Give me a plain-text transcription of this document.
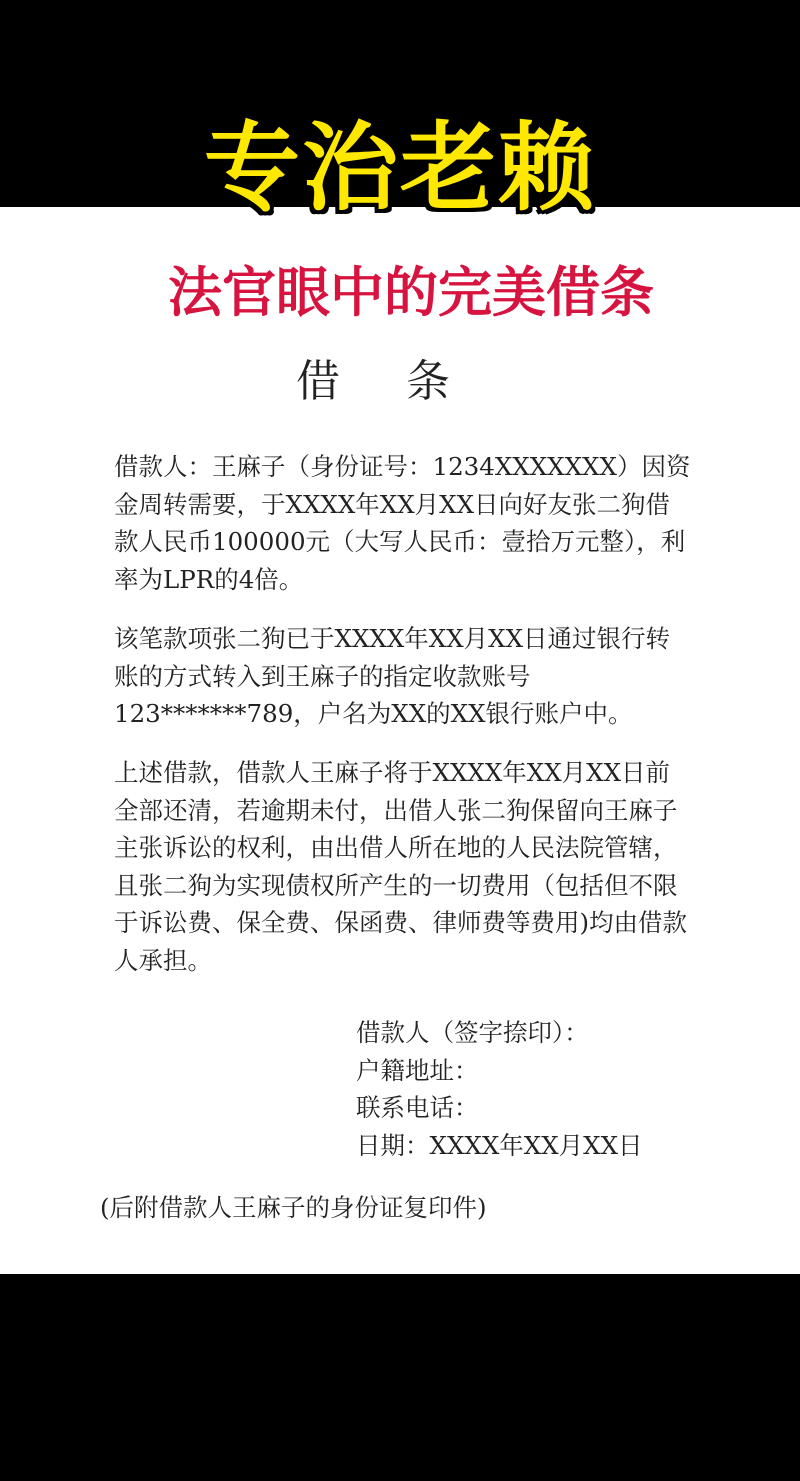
专治老赖
法官眼中的完美借条
借 条

借款人：王麻子（身份证号：1234XXXXXXX）因资金周转需要，于XXXX年XX月XX日向好友张二狗借款人民币100000元（大写人民币：壹拾万元整），利率为LPR的4倍。

该笔款项张二狗已于XXXX年XX月XX日通过银行转账的方式转入到王麻子的指定收款账号123*******789，户名为XX的XX银行账户中。

上述借款，借款人王麻子将于XXXX年XX月XX日前全部还清，若逾期未付，出借人张二狗保留向王麻子主张诉讼的权利，由出借人所在地的人民法院管辖，且张二狗为实现债权所产生的一切费用（包括但不限于诉讼费、保全费、保函费、律师费等费用)均由借款人承担。

借款人（签字捺印）：
户籍地址：
联系电话：
日期：XXXX年XX月XX日
(后附借款人王麻子的身份证复印件)
